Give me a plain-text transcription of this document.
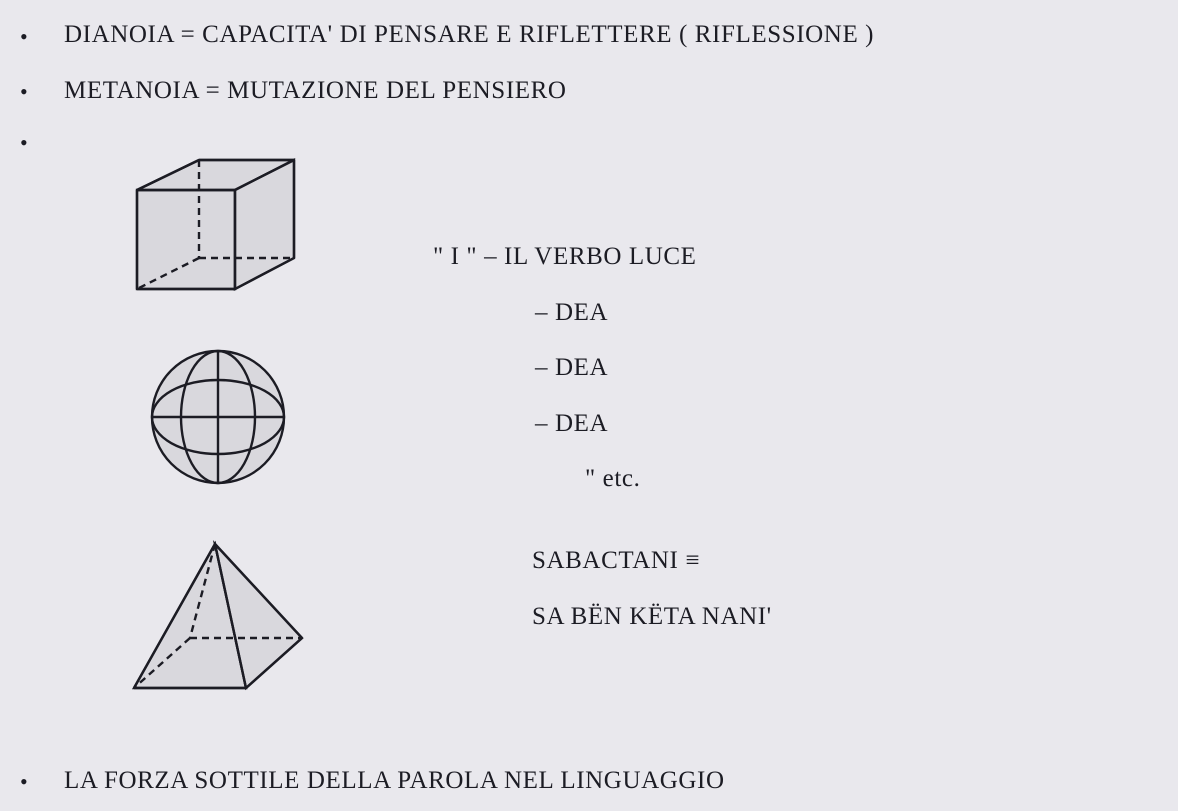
•
•
•
•
DIANOIA = CAPACITA' DI PENSARE E RIFLETTERE ( RIFLESSIONE )
METANOIA = MUTAZIONE DEL PENSIERO
" I " – IL VERBO LUCE
– DEA
– DEA
– DEA
" etc.
SABACTANI ≡
SA BËN KËTA NANI'
LA FORZA SOTTILE DELLA PAROLA NEL LINGUAGGIO
